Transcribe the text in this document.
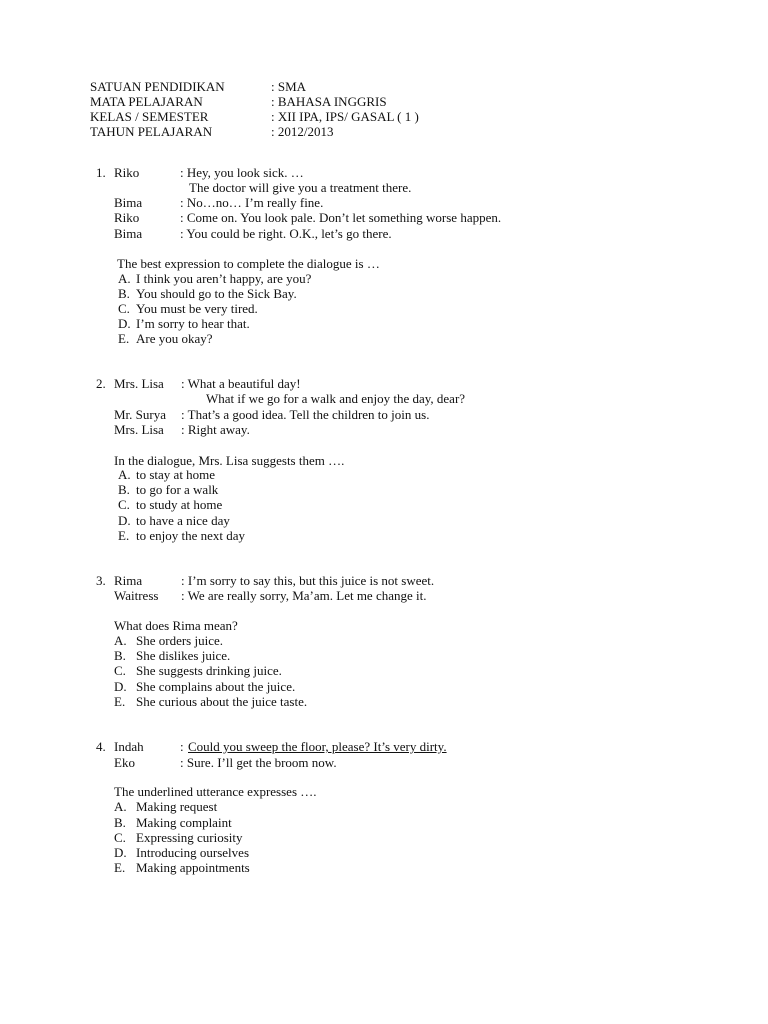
SATUAN PENDIDIKAN	: SMA
MATA PELAJARAN	: BAHASA INGGRIS
KELAS / SEMESTER	: XII IPA, IPS/ GASAL ( 1 )
TAHUN PELAJARAN	: 2012/2013
1. Riko	: Hey, you look sick. …
The doctor will give you a treatment there.
Bima	: No…no… I’m really fine.
Riko	: Come on. You look pale. Don’t let something worse happen.
Bima	: You could be right. O.K., let’s go there.
The best expression to complete the dialogue is …
A. I think you aren’t happy, are you?
B. You should go to the Sick Bay.
C. You must be very tired.
D. I’m sorry to hear that.
E. Are you okay?
2. Mrs. Lisa : What a beautiful day!
What if we go for a walk and enjoy the day, dear?
Mr. Surya : That’s a good idea. Tell the children to join us.
Mrs. Lisa : Right away.
In the dialogue, Mrs. Lisa suggests them ….
A. to stay at home
B. to go for a walk
C. to study at home
D. to have a nice day
E. to enjoy the next day
3. Rima	: I’m sorry to say this, but this juice is not sweet.
Waitress : We are really sorry, Ma’am. Let me change it.
What does Rima mean?
A. She orders juice.
B. She dislikes juice.
C. She suggests drinking juice.
D. She complains about the juice.
E. She curious about the juice taste.
4. Indah	: Could you sweep the floor, please? It’s very dirty.
Eko	: Sure. I’ll get the broom now.
The underlined utterance expresses ….
A. Making request
B. Making complaint
C. Expressing curiosity
D. Introducing ourselves
E. Making appointments
